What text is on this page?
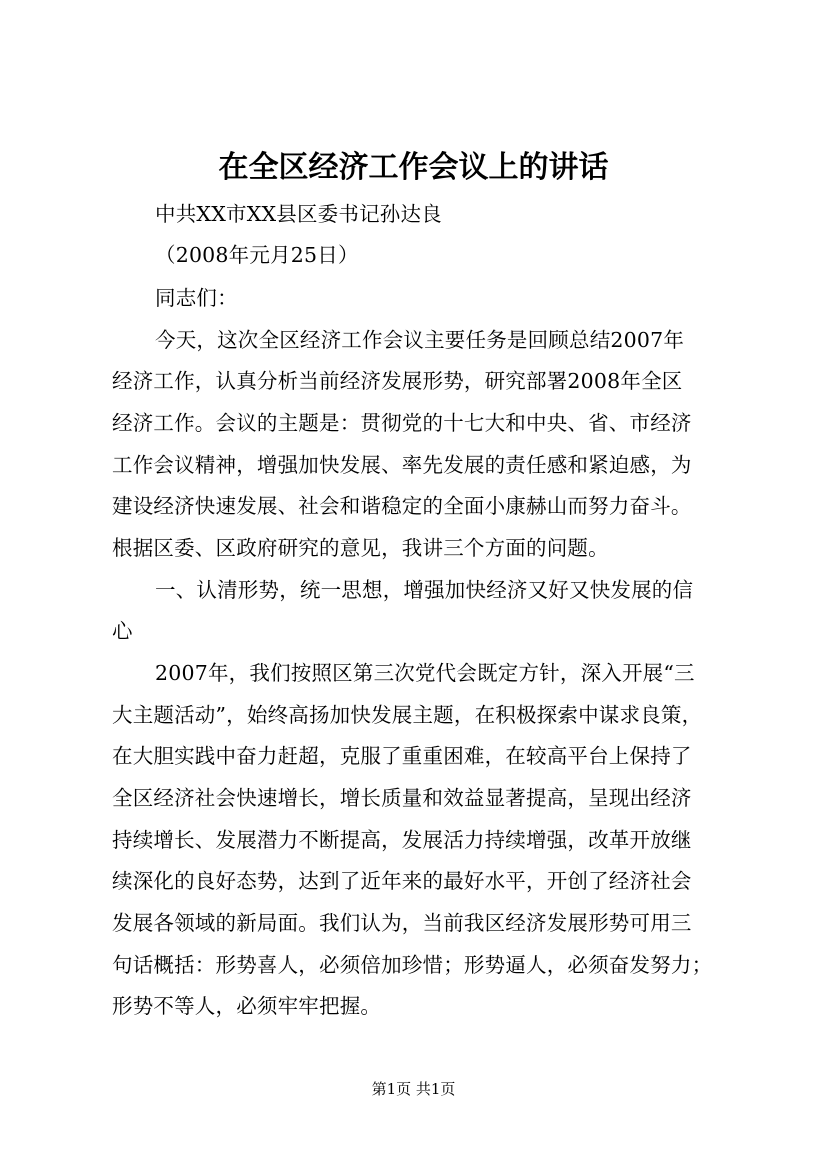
在全区经济工作会议上的讲话
中共XX市XX县区委书记孙达良
（2008年元月25日）
同志们：
今天，这次全区经济工作会议主要任务是回顾总结2007年
经济工作，认真分析当前经济发展形势，研究部署2008年全区
经济工作。会议的主题是：贯彻党的十七大和中央、省、市经济
工作会议精神，增强加快发展、率先发展的责任感和紧迫感，为
建设经济快速发展、社会和谐稳定的全面小康赫山而努力奋斗。
根据区委、区政府研究的意见，我讲三个方面的问题。
一、认清形势，统一思想，增强加快经济又好又快发展的信
心
2007年，我们按照区第三次党代会既定方针，深入开展“三
大主题活动”，始终高扬加快发展主题，在积极探索中谋求良策，
在大胆实践中奋力赶超，克服了重重困难，在较高平台上保持了
全区经济社会快速增长，增长质量和效益显著提高，呈现出经济
持续增长、发展潜力不断提高，发展活力持续增强，改革开放继
续深化的良好态势，达到了近年来的最好水平，开创了经济社会
发展各领域的新局面。我们认为，当前我区经济发展形势可用三
句话概括：形势喜人，必须倍加珍惜；形势逼人，必须奋发努力；
形势不等人，必须牢牢把握。
第1页 共1页
